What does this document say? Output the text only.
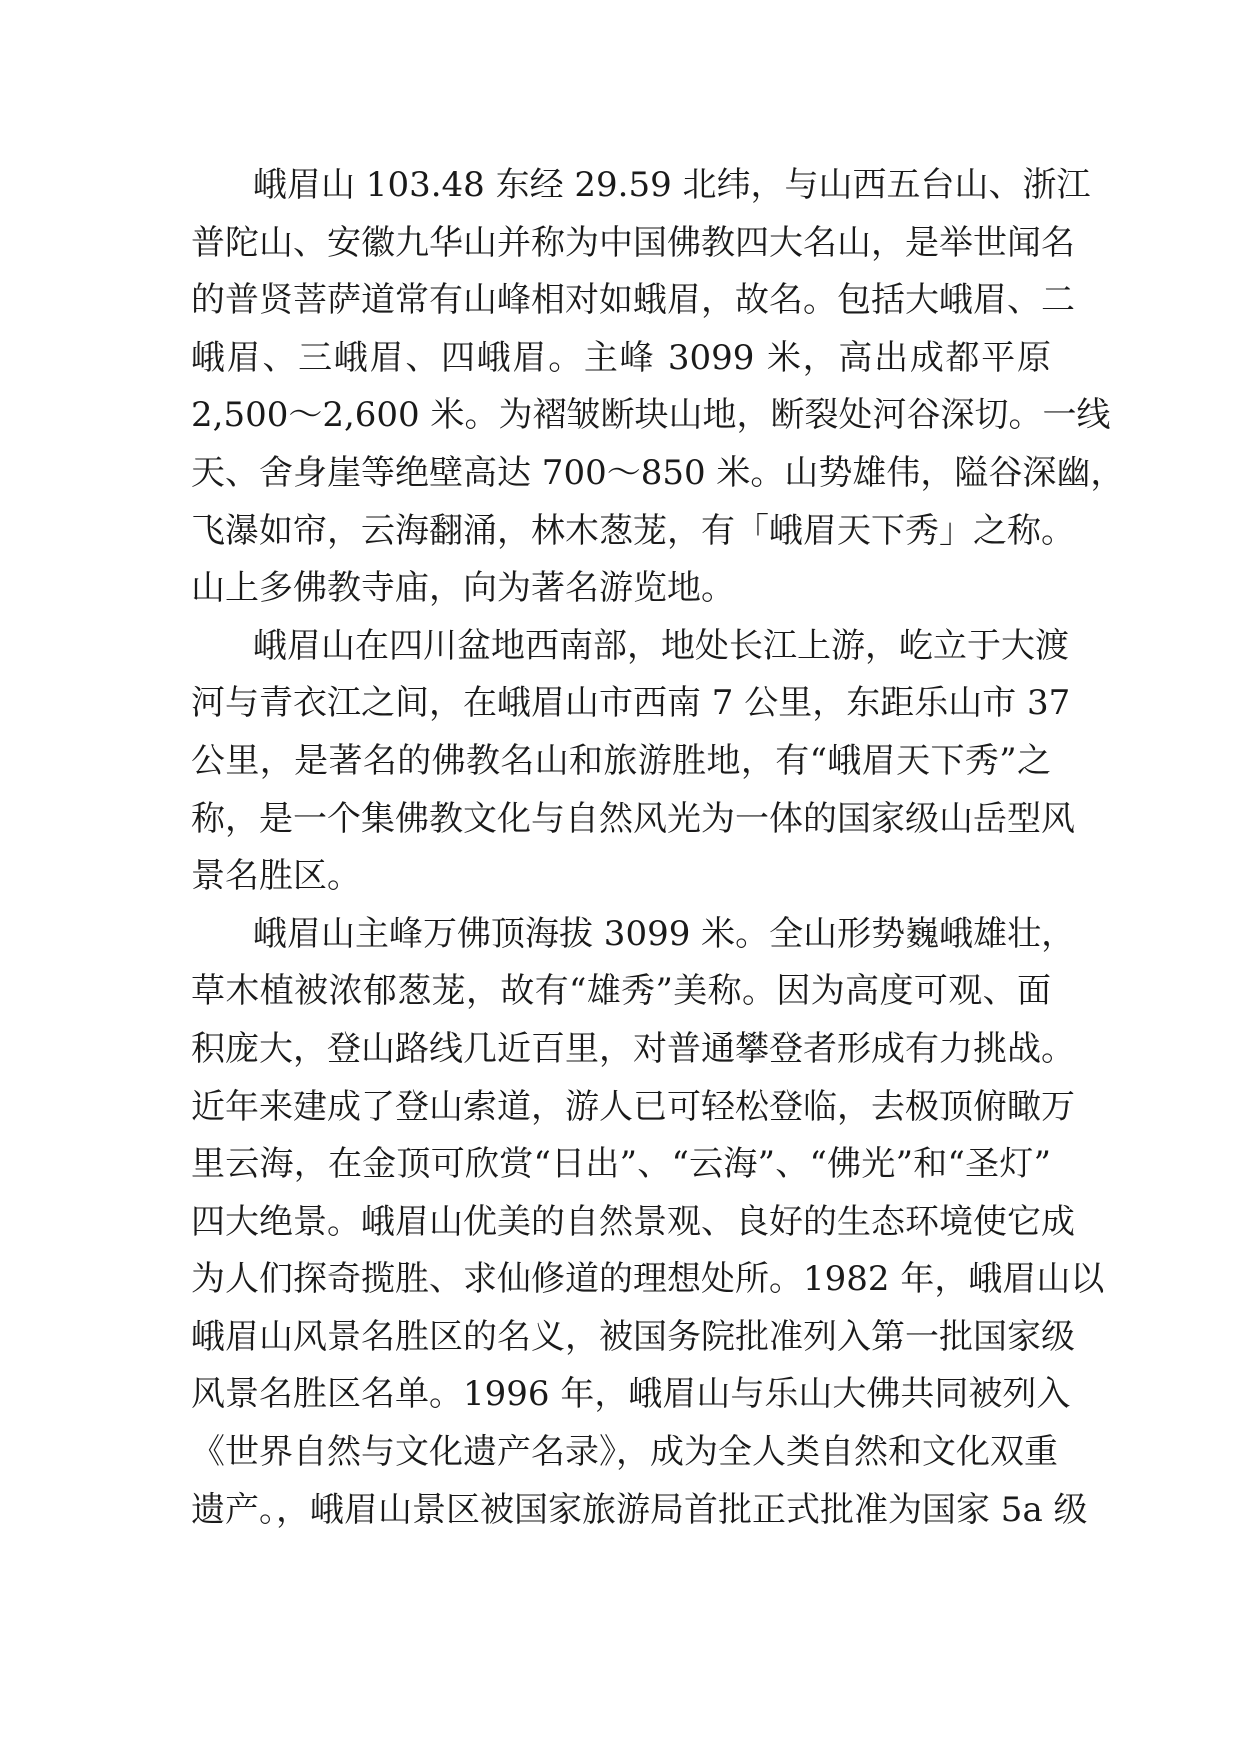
峨眉山 103.48 东经 29.59 北纬，与山西五台山、浙江
普陀山、安徽九华山并称为中国佛教四大名山，是举世闻名
的普贤菩萨道常有山峰相对如蛾眉，故名。包括大峨眉、二
峨眉、三峨眉、四峨眉。主峰 3099 米，高出成都平原
2,500～2,600 米。为褶皱断块山地，断裂处河谷深切。一线
天、舍身崖等绝壁高达 700～850 米。山势雄伟，隘谷深幽，
飞瀑如帘，云海翻涌，林木葱茏，有「峨眉天下秀」之称。
山上多佛教寺庙，向为著名游览地。
峨眉山在四川盆地西南部，地处长江上游，屹立于大渡
河与青衣江之间，在峨眉山市西南 7 公里，东距乐山市 37
公里，是著名的佛教名山和旅游胜地，有“峨眉天下秀”之
称，是一个集佛教文化与自然风光为一体的国家级山岳型风
景名胜区。
峨眉山主峰万佛顶海拔 3099 米。全山形势巍峨雄壮，
草木植被浓郁葱茏，故有“雄秀”美称。因为高度可观、面
积庞大，登山路线几近百里，对普通攀登者形成有力挑战。
近年来建成了登山索道，游人已可轻松登临，去极顶俯瞰万
里云海，在金顶可欣赏“日出”、“云海”、“佛光”和“圣灯”
四大绝景。峨眉山优美的自然景观、良好的生态环境使它成
为人们探奇揽胜、求仙修道的理想处所。1982 年，峨眉山以
峨眉山风景名胜区的名义，被国务院批准列入第一批国家级
风景名胜区名单。1996 年，峨眉山与乐山大佛共同被列入
《世界自然与文化遗产名录》，成为全人类自然和文化双重
遗产。，峨眉山景区被国家旅游局首批正式批准为国家 5a 级
